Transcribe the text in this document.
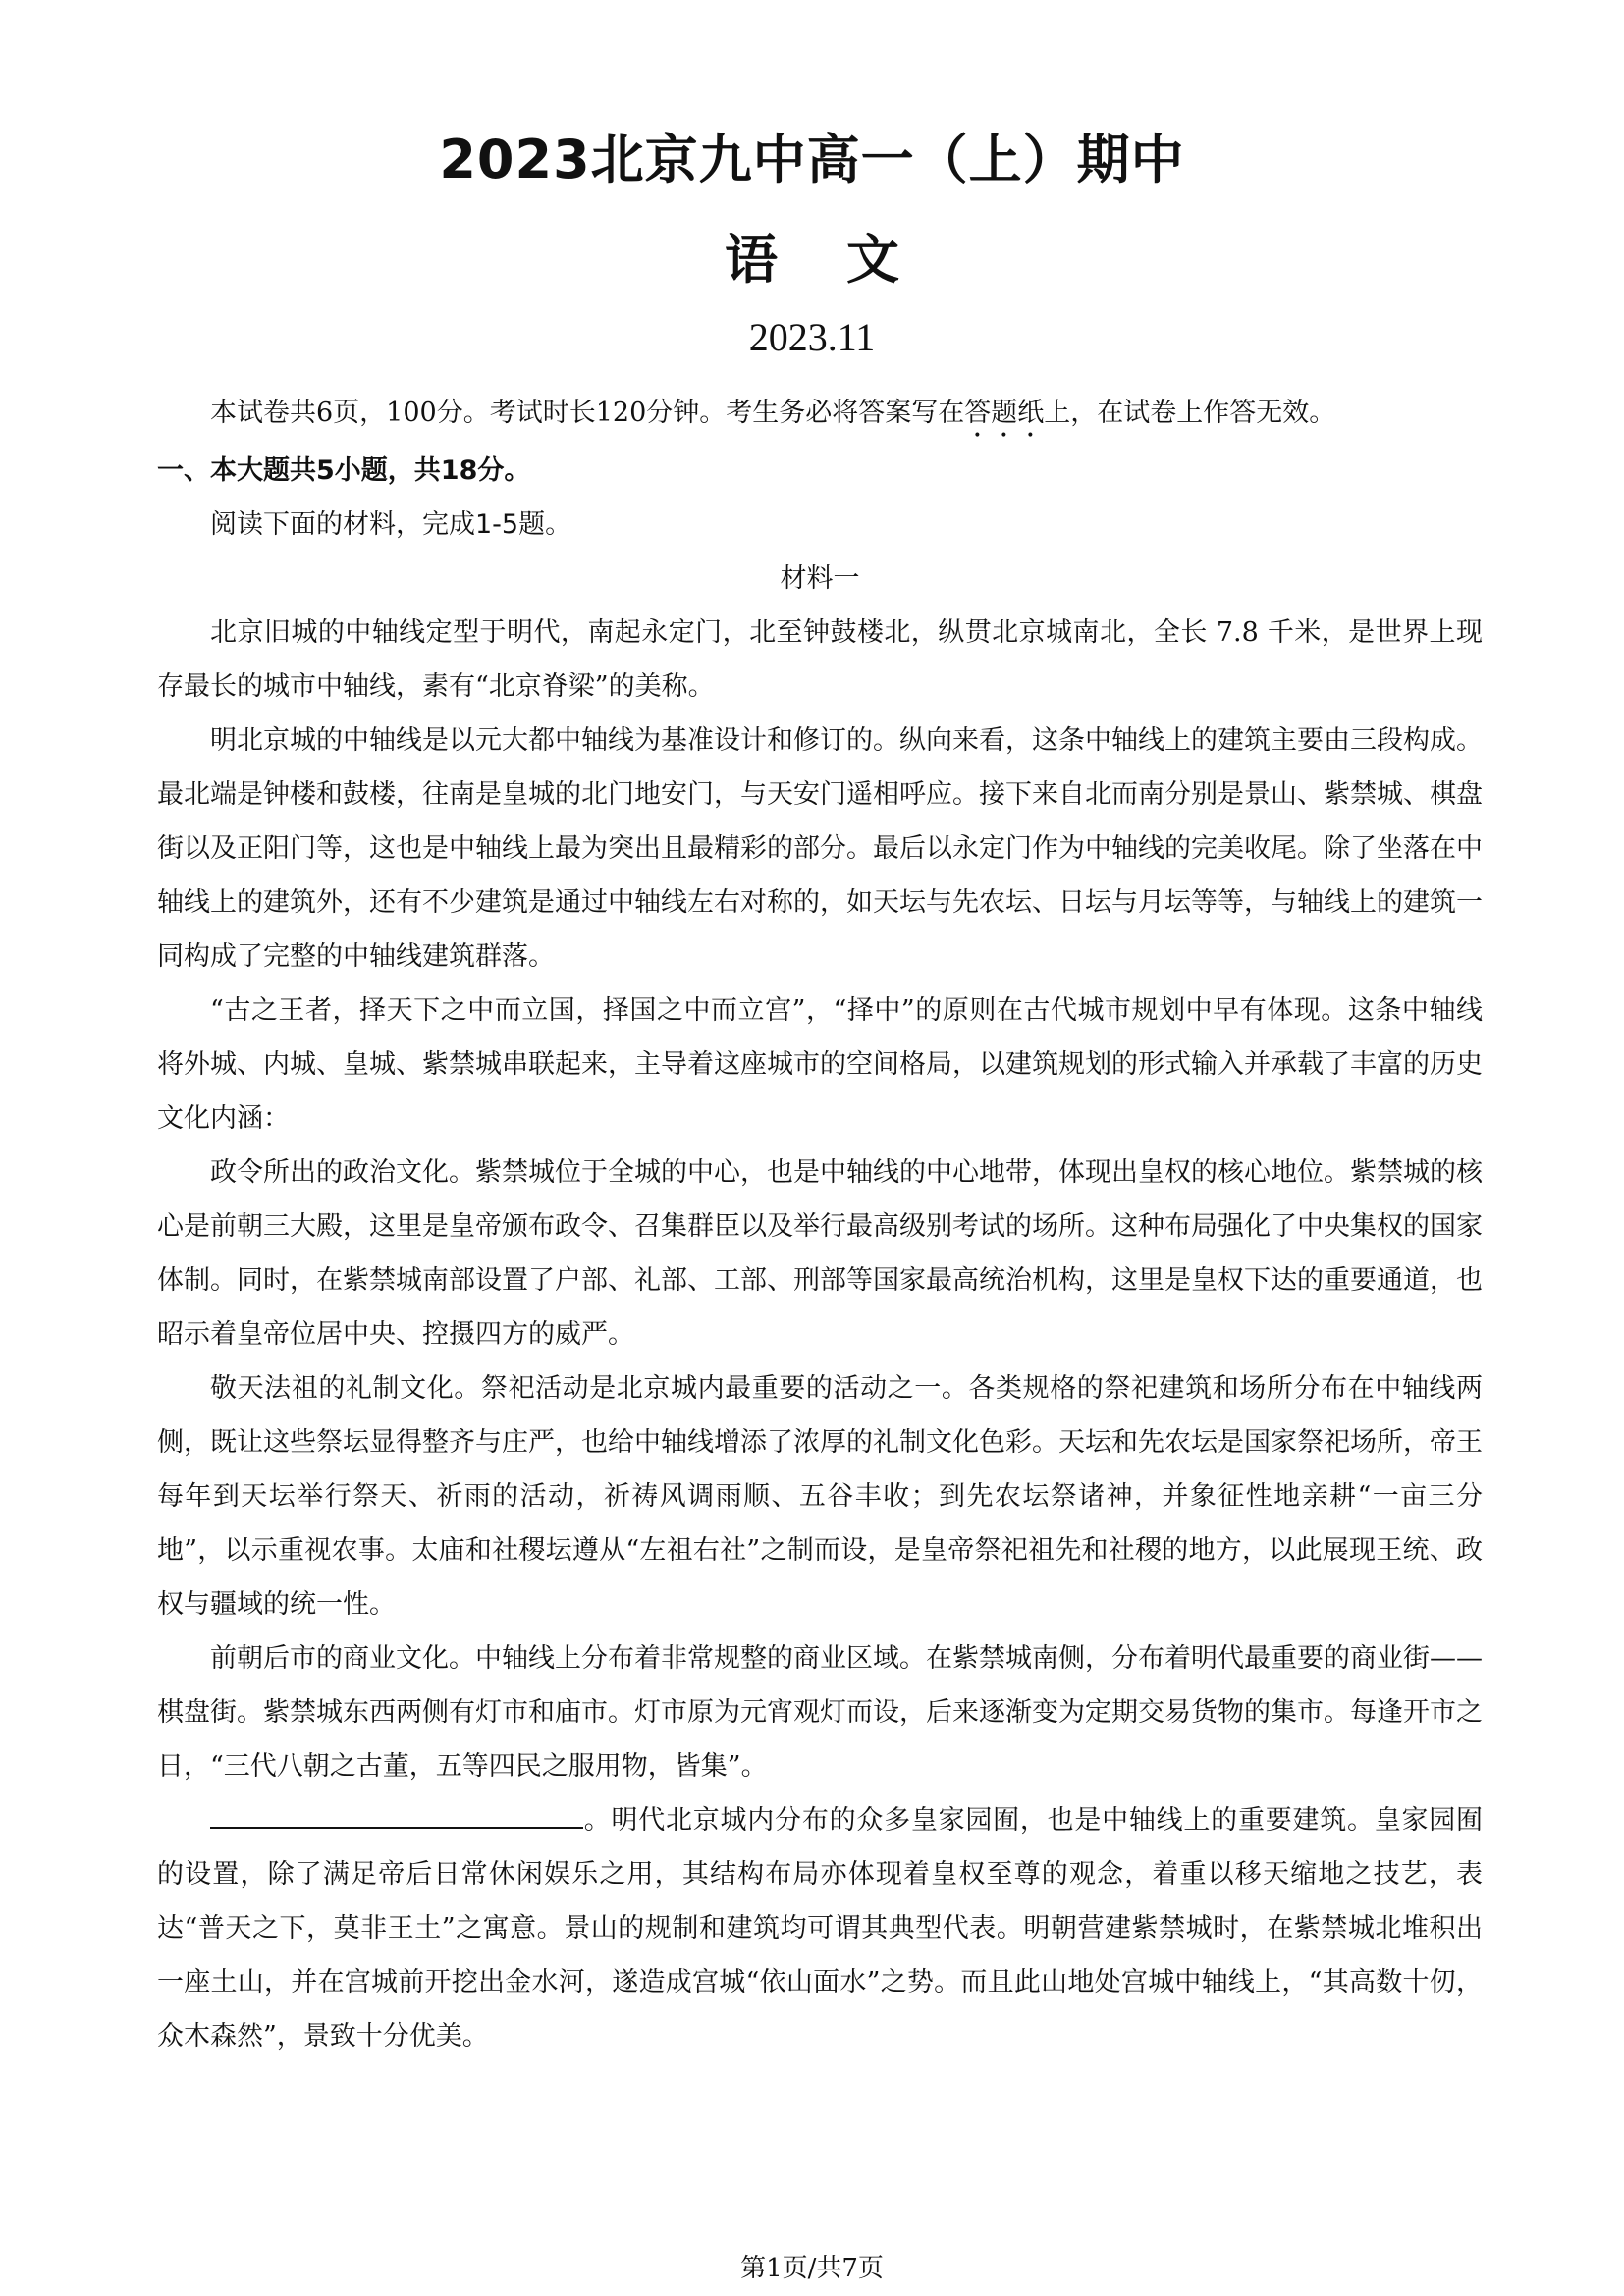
2023北京九中高一（上）期中
语文
2023.11

本试卷共6页，100分。考试时长120分钟。考生务必将答案写在答题纸上，在试卷上作答无效。

一、本大题共5小题，共18分。

阅读下面的材料，完成1-5题。

材料一

北京旧城的中轴线定型于明代，南起永定门，北至钟鼓楼北，纵贯北京城南北，全长 7.8 千米，是世界上现存最长的城市中轴线，素有“北京脊梁”的美称。

明北京城的中轴线是以元大都中轴线为基准设计和修订的。纵向来看，这条中轴线上的建筑主要由三段构成。最北端是钟楼和鼓楼，往南是皇城的北门地安门，与天安门遥相呼应。接下来自北而南分别是景山、紫禁城、棋盘街以及正阳门等，这也是中轴线上最为突出且最精彩的部分。最后以永定门作为中轴线的完美收尾。除了坐落在中轴线上的建筑外，还有不少建筑是通过中轴线左右对称的，如天坛与先农坛、日坛与月坛等等，与轴线上的建筑一同构成了完整的中轴线建筑群落。

“古之王者，择天下之中而立国，择国之中而立宫”，“择中”的原则在古代城市规划中早有体现。这条中轴线将外城、内城、皇城、紫禁城串联起来，主导着这座城市的空间格局，以建筑规划的形式输入并承载了丰富的历史文化内涵：

政令所出的政治文化。紫禁城位于全城的中心，也是中轴线的中心地带，体现出皇权的核心地位。紫禁城的核心是前朝三大殿，这里是皇帝颁布政令、召集群臣以及举行最高级别考试的场所。这种布局强化了中央集权的国家体制。同时，在紫禁城南部设置了户部、礼部、工部、刑部等国家最高统治机构，这里是皇权下达的重要通道，也昭示着皇帝位居中央、控摄四方的威严。

敬天法祖的礼制文化。祭祀活动是北京城内最重要的活动之一。各类规格的祭祀建筑和场所分布在中轴线两侧，既让这些祭坛显得整齐与庄严，也给中轴线增添了浓厚的礼制文化色彩。天坛和先农坛是国家祭祀场所，帝王每年到天坛举行祭天、祈雨的活动，祈祷风调雨顺、五谷丰收；到先农坛祭诸神，并象征性地亲耕“一亩三分地”，以示重视农事。太庙和社稷坛遵从“左祖右社”之制而设，是皇帝祭祀祖先和社稷的地方，以此展现王统、政权与疆域的统一性。

前朝后市的商业文化。中轴线上分布着非常规整的商业区域。在紫禁城南侧，分布着明代最重要的商业街——棋盘街。紫禁城东西两侧有灯市和庙市。灯市原为元宵观灯而设，后来逐渐变为定期交易货物的集市。每逢开市之日，“三代八朝之古董，五等四民之服用物，皆集”。

。明代北京城内分布的众多皇家园囿，也是中轴线上的重要建筑。皇家园囿的设置，除了满足帝后日常休闲娱乐之用，其结构布局亦体现着皇权至尊的观念，着重以移天缩地之技艺，表达“普天之下，莫非王土”之寓意。景山的规制和建筑均可谓其典型代表。明朝营建紫禁城时，在紫禁城北堆积出一座土山，并在宫城前开挖出金水河，遂造成宫城“依山面水”之势。而且此山地处宫城中轴线上，“其高数十仞，众木森然”，景致十分优美。

第1页/共7页
